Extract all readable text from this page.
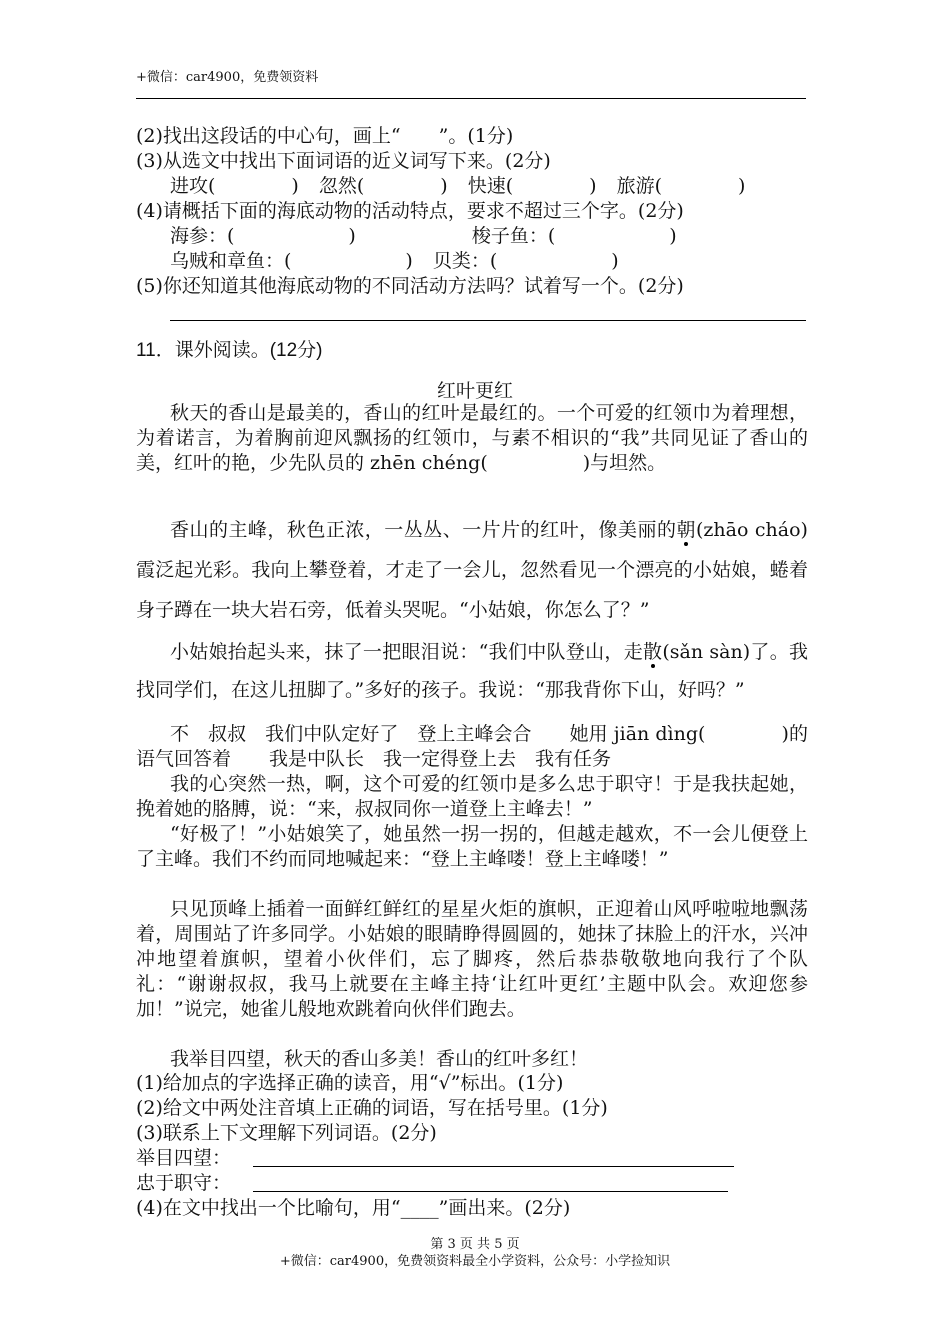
+微信：car4900，免费领资料
(2)找出这段话的中心句，画上“　　”。(1分)
(3)从选文中找出下面词语的近义词写下来。(2分)
进攻(　　　　) 忽然(　　　　) 快速(　　　　) 旅游(　　　　)
(4)请概括下面的海底动物的活动特点，要求不超过三个字。(2分)
海参：(　　　　　　)	梭子鱼：(　　　　　　)
乌贼和章鱼：(　　　　　　) 贝类：(　　　　　　)
(5)你还知道其他海底动物的不同活动方法吗？试着写一个。(2分)
11．课外阅读。(12分)
红叶更红
秋天的香山是最美的，香山的红叶是最红的。一个可爱的红领巾为着理想，为着诺言，为着胸前迎风飘扬的红领巾，与素不相识的“我”共同见证了香山的美，红叶的艳，少先队员的 zhēn chéng(　　　　　)与坦然。
香山的主峰，秋色正浓，一丛丛、一片片的红叶，像美丽的朝(zhāo cháo)霞泛起光彩。我向上攀登着，才走了一会儿，忽然看见一个漂亮的小姑娘，蜷着身子蹲在一块大岩石旁，低着头哭呢。“小姑娘，你怎么了？”
小姑娘抬起头来，抹了一把眼泪说：“我们中队登山，走散(sǎn sàn)了。我找同学们，在这儿扭脚了。”多好的孩子。我说：“那我背你下山，好吗？”
不　叔叔　我们中队定好了　登上主峰会合　　她用 jiān dìng(　　　　)的语气回答着　　我是中队长　我一定得登上去　我有任务
我的心突然一热，啊，这个可爱的红领巾是多么忠于职守！于是我扶起她，挽着她的胳膊，说：“来，叔叔同你一道登上主峰去！”
“好极了！”小姑娘笑了，她虽然一拐一拐的，但越走越欢，不一会儿便登上了主峰。我们不约而同地喊起来：“登上主峰喽！登上主峰喽！”
只见顶峰上插着一面鲜红鲜红的星星火炬的旗帜，正迎着山风呼啦啦地飘荡着，周围站了许多同学。小姑娘的眼睛睁得圆圆的，她抹了抹脸上的汗水，兴冲冲地望着旗帜，望着小伙伴们，忘了脚疼，然后恭恭敬敬地向我行了个队礼：“谢谢叔叔，我马上就要在主峰主持‘让红叶更红’主题中队会。欢迎您参加！”说完，她雀儿般地欢跳着向伙伴们跑去。
我举目四望，秋天的香山多美！香山的红叶多红！
(1)给加点的字选择正确的读音，用“√”标出。(1分)
(2)给文中两处注音填上正确的词语，写在括号里。(1分)
(3)联系上下文理解下列词语。(2分)
举目四望：
忠于职守：
(4)在文中找出一个比喻句，用“____”画出来。(2分)
第 3 页 共 5 页
+微信：car4900，免费领资料最全小学资料，公众号：小学捡知识
